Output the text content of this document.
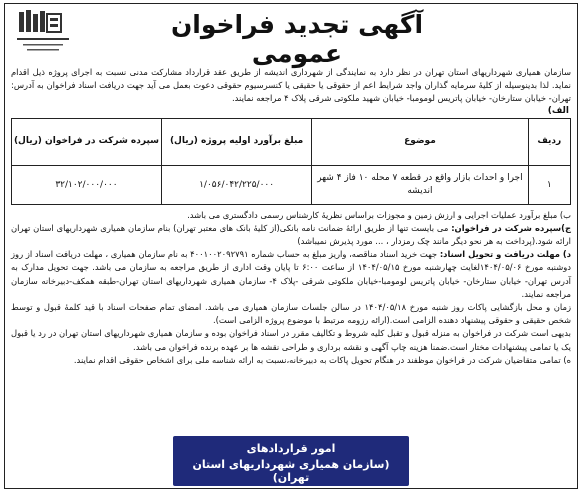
آگهی تجدید فراخوان عمومی

سازمان همیاری شهرداریهای استان تهران در نظر دارد به نمایندگی از شهرداری اندیشه از طریق عقد قرارداد مشارکت مدنی نسبت به اجرای پروژه ذیل اقدام نماید. لذا بدینوسیله از کلیهٔ سرمایه گذاران واجد شرایط اعم از حقوقی یا حقیقی یا کنسرسیوم حقوقی دعوت بعمل می آید جهت دریافت اسناد فراخوان به آدرس: تهران- خیابان ستارخان- خیابان پاتریس لومومبا- خیابان شهید ملکوتی شرقی پلاک ۴ مراجعه نمایند.

الف)
ردیف	موضوع	مبلغ برآورد اولیه پروژه (ریال)	سپرده شرکت در فراخوان (ریال)
۱	اجرا و احداث بازار واقع در قطعه ۷ محله ۱۰ فاز ۴ شهر اندیشه	۱/۰۵۶/۰۴۲/۲۲۵/۰۰۰	۳۲/۱۰۲/۰۰۰/۰۰۰

ب) مبلغ برآورد عملیات اجرایی و ارزش زمین و مجوزات براساس نظریهٔ کارشناس رسمی دادگستری می باشد.

ج)سپرده شرکت در فراخوان: می بایست تنها از طریق ارائهٔ ضمانت نامه بانکی(از کلیهٔ بانک های معتبر تهران) بنام سازمان همیاری شهرداریهای استان تهران ارائه شود.(پرداخت به هر نحو دیگر مانند چک رمزدار ، ... مورد پذیرش نمیباشد)

د) مهلت دریافت و تحویل اسناد: جهت خرید اسناد مناقصه، واریز مبلغ به حساب شماره ۴۰۰۱۰۰۲۰۹۲۷۹۱ به نام سازمان همیاری ، مهلت دریافت اسناد از روز دوشنبه مورخ ۱۴۰۴/۰۵/۰۶لغایت چهارشنبه مورخ ۱۴۰۴/۰۵/۱۵ از ساعت ۶:۰۰ تا پایان وقت اداری از طریق مراجعه به سازمان می باشد. جهت تحویل مدارک به آدرس تهران- خیابان ستارخان- خیابان پاتریس لومومبا-خیابان ملکوتی شرقی -پلاک ۴- سازمان همیاری شهرداریهای استان تهران-طبقه همکف-دبیرخانه سازمان مراجعه نمایند.

زمان و محل بازگشایی پاکات روز شنبه مورخ ۱۴۰۴/۰۵/۱۸ در سالن جلسات سازمان همیاری می باشد. امضای تمام صفحات اسناد با قید کلمهٔ قبول و توسط شخص حقیقی و حقوقی پیشنهاد دهنده الزامی است.(ارائه رزومه مرتبط با موضوع پروژه الزامی است).

بدیهی است شرکت در فراخوان به منزله قبول و تقبل کلیه شروط و تکالیف مقرر در اسناد فراخوان بوده و سازمان همیاری شهرداریهای استان تهران در رد یا قبول یک یا تمامی پیشنهادات مختار است.ضمنا هزینه چاپ آگهی و نقشه برداری و طراحی نقشه ها بر عهده برنده فراخوان می باشد.

ه) تمامی متقاضیان شرکت در فراخوان موظفند در هنگام تحویل پاکات به دبیرخانه،نسبت به ارائه شناسه ملی برای اشخاص حقوقی اقدام نمایند.

امور قراردادهای
(سازمان همیاری شهرداریهای استان تهران)
